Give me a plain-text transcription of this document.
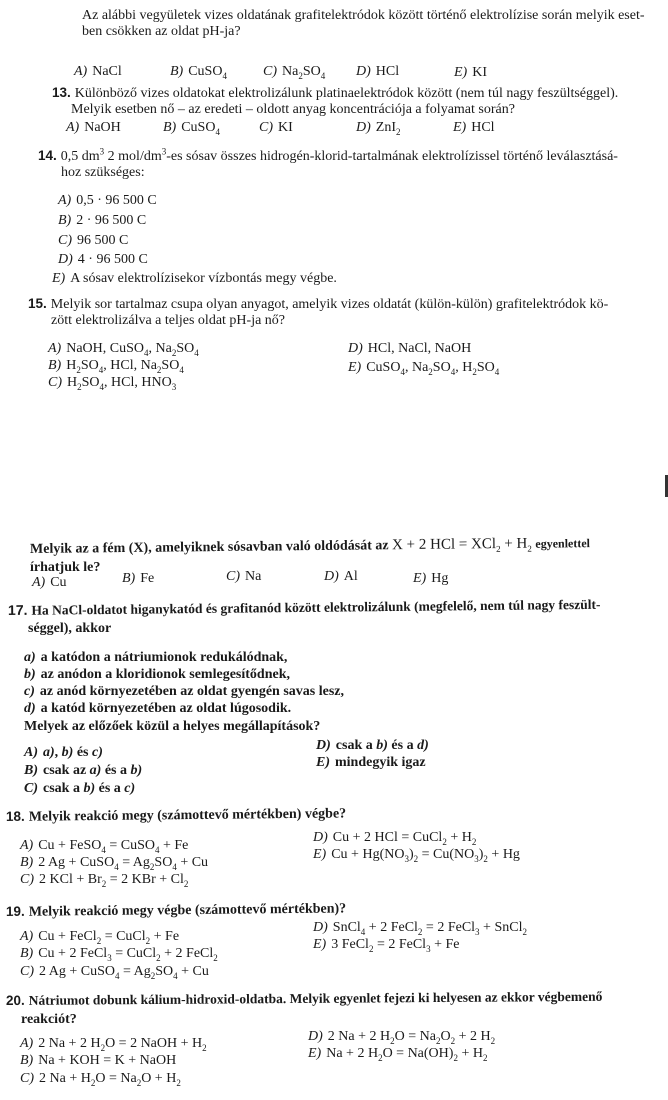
Az alábbi vegyületek vizes oldatának grafitelektródok között történő elektrolízise során melyik eset-
ben csökken az oldat pH-ja?
A) NaCl	B) CuSO$_4$	C) $Na_2SO_4$ D) HCl	E) KI
13. Különböző vizes oldatokat elektrolizálunk platinaelektródok között (nem túl nagy feszültséggel).
Melyik esetben nő – az eredeti – oldott anyag koncentrációja a folyamat során?
A) NaOH	B) CuSO$_4$	C) KI	D) ZnI$_2$	E) HCl
14. 0,5 $dm^3$ 2 mol/$dm^3-es$ sósav összes hidrogén-klorid-tartalmának elektrolízissel történő leválasztásá-
hoz szükséges:
A) 0,5 · 96 500 C
B) 2 · 96 500 C
C) 96 500 C
D) 4 · 96 500 C
E) A sósav elektrolízisekor vízbontás megy végbe.
15. Melyik sor tartalmaz csupa olyan anyagot, amelyik vizes oldatát (külön-külön) grafitelektródok kö-
zött elektrolizálva a teljes oldat pH-ja nő?
A) NaOH, CuSO$_4$, $Na_2SO_4$
B) $H_2SO_4$, HCl, $Na_2SO_4$
C) $H_2SO_4$, HCl, $HNO_3$
D) HCl, NaCl, NaOH
E) CuSO$_4$, $Na_2SO_4$, $H_2SO_4$
Melyik az a fém (X), amelyiknek sósavban való oldódását az X + 2 HCl = $XCl_2 + H_2$ egyenlettel
írhatjuk le?
A) Cu	B) Fe	C) Na	D) Al	E) Hg
17. Ha NaCl-oldatot higanykatód és grafitanód között elektrolizálunk (megfelelő, nem túl nagy feszült-
séggel), akkor
a) a katódon a nátriumionok redukálódnak,
b) az anódon a kloridionok semlegesítődnek,
c) az anód környezetében az oldat gyengén savas lesz,
d) a katód környezetében az oldat lúgosodik.
Melyek az előzőek közül a helyes megállapítások?
A) a), b) és c)
B) csak az a) és a b)
C) csak a b) és a c)
D) csak a b) és a d)
E) mindegyik igaz
18. Melyik reakció megy (számottevő mértékben) végbe?
A) Cu + FeSO$_4$ = CuSO$_4$ + Fe
B) 2 Ag + CuSO$_4$ = $Ag_2SO_4 + Cu$
C) 2 KCl + $Br_2 = 2$ KBr + $Cl_2$
D) Cu + 2 HCl = CuCl$_2$ + $H_2$
E) $Cu + Hg(NO_3)_2 = Cu(NO_3)_2 + Hg$
19. Melyik reakció megy végbe (számottevő mértékben)?
A) Cu + FeCl$_2$ = CuCl$_2$ + Fe
B) Cu + 2 FeCl$_3$ = CuCl$_2$ + 2 FeCl$_2$
C) 2 Ag + CuSO$_4$ = $Ag_2SO_4 + Cu$
D) SnCl$_4$ + 2 FeCl$_2$ = 2 FeCl$_3$ + SnCl$_2$
E) 3 FeCl$_2$ = 2 FeCl$_3$ + Fe
20. Nátriumot dobunk kálium-hidroxid-oldatba. Melyik egyenlet fejezi ki helyesen az ekkor végbemenő
reakciót?
A) 2 Na + 2 $H_2O = 2$ NaOH + $H_2$
B) Na + KOH = K + NaOH
C) 2 $Na + H_2O = Na_2O + H_2$
D) 2 Na + 2 $H_2O = Na_2O_2 + 2$ $H_2$
E) Na + 2 $H_2O = Na(OH)_2 + H_2$
